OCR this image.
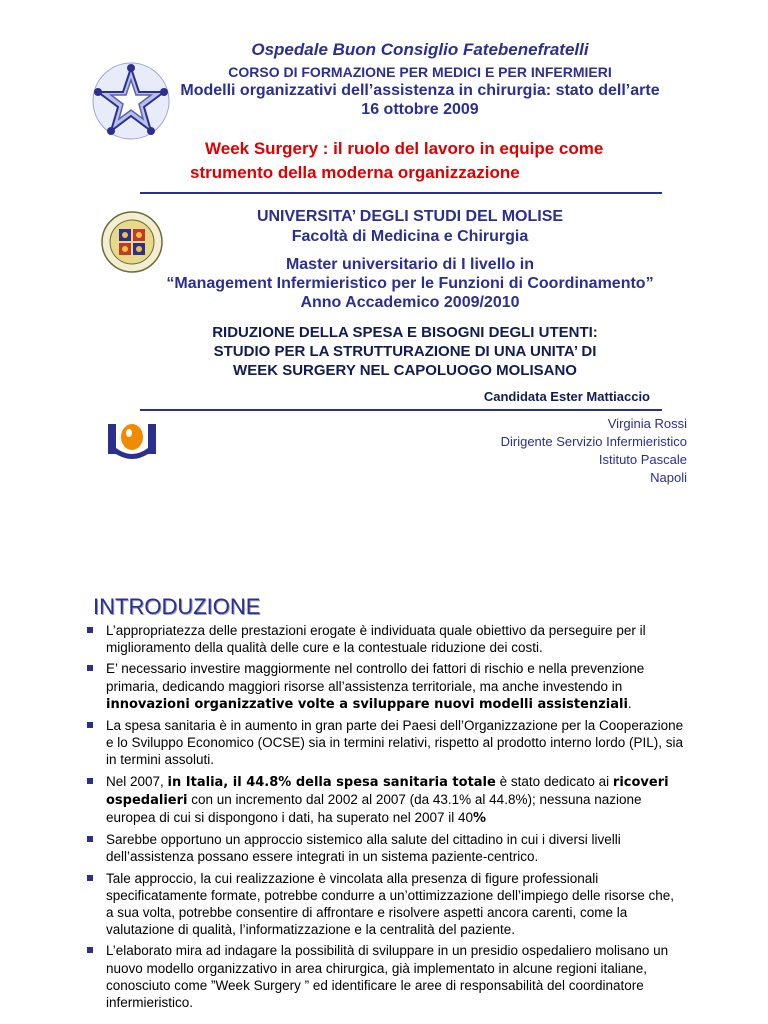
Ospedale Buon Consiglio Fatebenefratelli
CORSO DI FORMAZIONE PER MEDICI E PER INFERMIERI
Modelli organizzativi dell’assistenza in chirurgia: stato dell’arte
16 ottobre 2009
Week Surgery : il ruolo del lavoro in equipe come
strumento della moderna organizzazione
UNIVERSITA’ DEGLI STUDI DEL MOLISE
Facoltà di Medicina e Chirurgia
Master universitario di I livello in
“Management Infermieristico per le Funzioni di Coordinamento”
Anno Accademico 2009/2010
RIDUZIONE DELLA SPESA E BISOGNI DEGLI UTENTI:
STUDIO PER LA STRUTTURAZIONE DI UNA UNITA’ DI
WEEK SURGERY NEL CAPOLUOGO MOLISANO
Candidata Ester Mattiaccio
Virginia Rossi
Dirigente Servizio Infermieristico
Istituto Pascale
Napoli
INTRODUZIONE
L’appropriatezza delle prestazioni erogate è individuata quale obiettivo da perseguire per il miglioramento della qualità delle cure e la contestuale riduzione dei costi.
E’ necessario investire maggiormente nel controllo dei fattori di rischio e nella prevenzione primaria, dedicando maggiori risorse all’assistenza territoriale, ma anche investendo in innovazioni organizzative volte a sviluppare nuovi modelli assistenziali.
La spesa sanitaria è in aumento in gran parte dei Paesi dell’Organizzazione per la Cooperazione e lo Sviluppo Economico (OCSE) sia in termini relativi, rispetto al prodotto interno lordo (PIL), sia in termini assoluti.
Nel 2007, in Italia, il 44.8% della spesa sanitaria totale è stato dedicato ai ricoveri ospedalieri con un incremento dal 2002 al 2007 (da 43.1% al 44.8%); nessuna nazione europea di cui si dispongono i dati, ha superato nel 2007 il 40%
Sarebbe opportuno un approccio sistemico alla salute del cittadino in cui i diversi livelli dell’assistenza possano essere integrati in un sistema paziente-centrico.
Tale approccio, la cui realizzazione è vincolata alla presenza di figure professionali specificatamente formate, potrebbe condurre a un’ottimizzazione dell’impiego delle risorse che, a sua volta, potrebbe consentire di affrontare e risolvere aspetti ancora carenti, come la valutazione di qualità, l’informatizzazione e la centralità del paziente.
L’elaborato mira ad indagare la possibilità di sviluppare in un presidio ospedaliero molisano un nuovo modello organizzativo in area chirurgica, già implementato in alcune regioni italiane, conosciuto come ”Week Surgery ” ed identificare le aree di responsabilità del coordinatore infermieristico.
